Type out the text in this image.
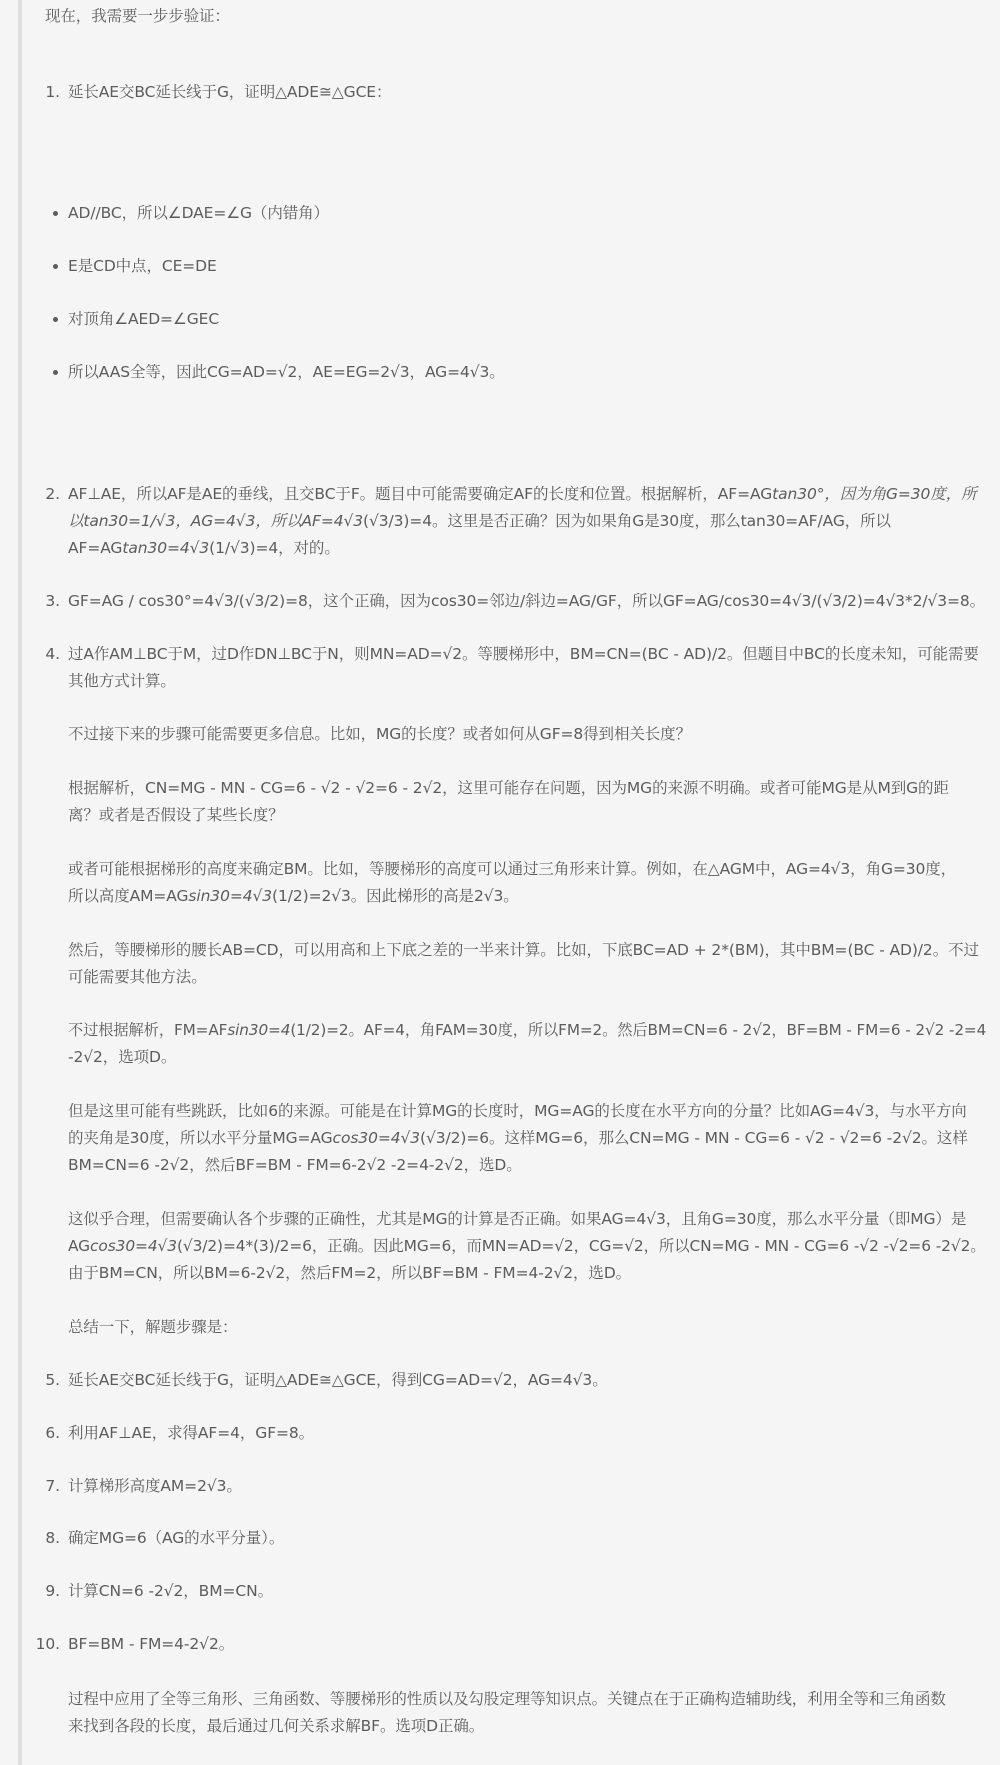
现在，我需要一步步验证：
1. 延长AE交BC延长线于G，证明△ADE≅△GCE：
AD//BC，所以∠DAE=∠G（内错角）
E是CD中点，CE=DE
对顶角∠AED=∠GEC
所以AAS全等，因此CG=AD=√2，AE=EG=2√3，AG=4√3。
2. AF⊥AE，所以AF是AE的垂线，且交BC于F。题目中可能需要确定AF的长度和位置。根据解析，AF=AGtan30°，因为角G=30度，所
以tan30=1/√3，AG=4√3，所以AF=4√3(√3/3)=4。这里是否正确？因为如果角G是30度，那么tan30=AF/AG，所以
AF=AGtan30=4√3(1/√3)=4，对的。
3. GF=AG / cos30°=4√3/(√3/2)=8，这个正确，因为cos30=邻边/斜边=AG/GF，所以GF=AG/cos30=4√3/(√3/2)=4√3*2/√3=8。
4. 过A作AM⊥BC于M，过D作DN⊥BC于N，则MN=AD=√2。等腰梯形中，BM=CN=(BC - AD)/2。但题目中BC的长度未知，可能需要
其他方式计算。
不过接下来的步骤可能需要更多信息。比如，MG的长度？或者如何从GF=8得到相关长度？
根据解析，CN=MG - MN - CG=6 - √2 - √2=6 - 2√2，这里可能存在问题，因为MG的来源不明确。或者可能MG是从M到G的距
离？或者是否假设了某些长度？
或者可能根据梯形的高度来确定BM。比如，等腰梯形的高度可以通过三角形来计算。例如，在△AGM中，AG=4√3，角G=30度，
所以高度AM=AGsin30=4√3(1/2)=2√3。因此梯形的高是2√3。
然后，等腰梯形的腰长AB=CD，可以用高和上下底之差的一半来计算。比如，下底BC=AD + 2*(BM)，其中BM=(BC - AD)/2。不过
可能需要其他方法。
不过根据解析，FM=AFsin30=4(1/2)=2。AF=4，角FAM=30度，所以FM=2。然后BM=CN=6 - 2√2，BF=BM - FM=6 - 2√2 -2=4
-2√2，选项D。
但是这里可能有些跳跃，比如6的来源。可能是在计算MG的长度时，MG=AG的长度在水平方向的分量？比如AG=4√3，与水平方向
的夹角是30度，所以水平分量MG=AGcos30=4√3(√3/2)=6。这样MG=6，那么CN=MG - MN - CG=6 - √2 - √2=6 -2√2。这样
BM=CN=6 -2√2，然后BF=BM - FM=6-2√2 -2=4-2√2，选D。
这似乎合理，但需要确认各个步骤的正确性，尤其是MG的计算是否正确。如果AG=4√3，且角G=30度，那么水平分量（即MG）是
AGcos30=4√3(√3/2)=4*(3)/2=6，正确。因此MG=6，而MN=AD=√2，CG=√2，所以CN=MG - MN - CG=6 -√2 -√2=6 -2√2。
由于BM=CN，所以BM=6-2√2，然后FM=2，所以BF=BM - FM=4-2√2，选D。
总结一下，解题步骤是：
5. 延长AE交BC延长线于G，证明△ADE≅△GCE，得到CG=AD=√2，AG=4√3。
6. 利用AF⊥AE，求得AF=4，GF=8。
7. 计算梯形高度AM=2√3。
8. 确定MG=6（AG的水平分量）。
9. 计算CN=6 -2√2，BM=CN。
10. BF=BM - FM=4-2√2。
过程中应用了全等三角形、三角函数、等腰梯形的性质以及勾股定理等知识点。关键点在于正确构造辅助线，利用全等和三角函数
来找到各段的长度，最后通过几何关系求解BF。选项D正确。
